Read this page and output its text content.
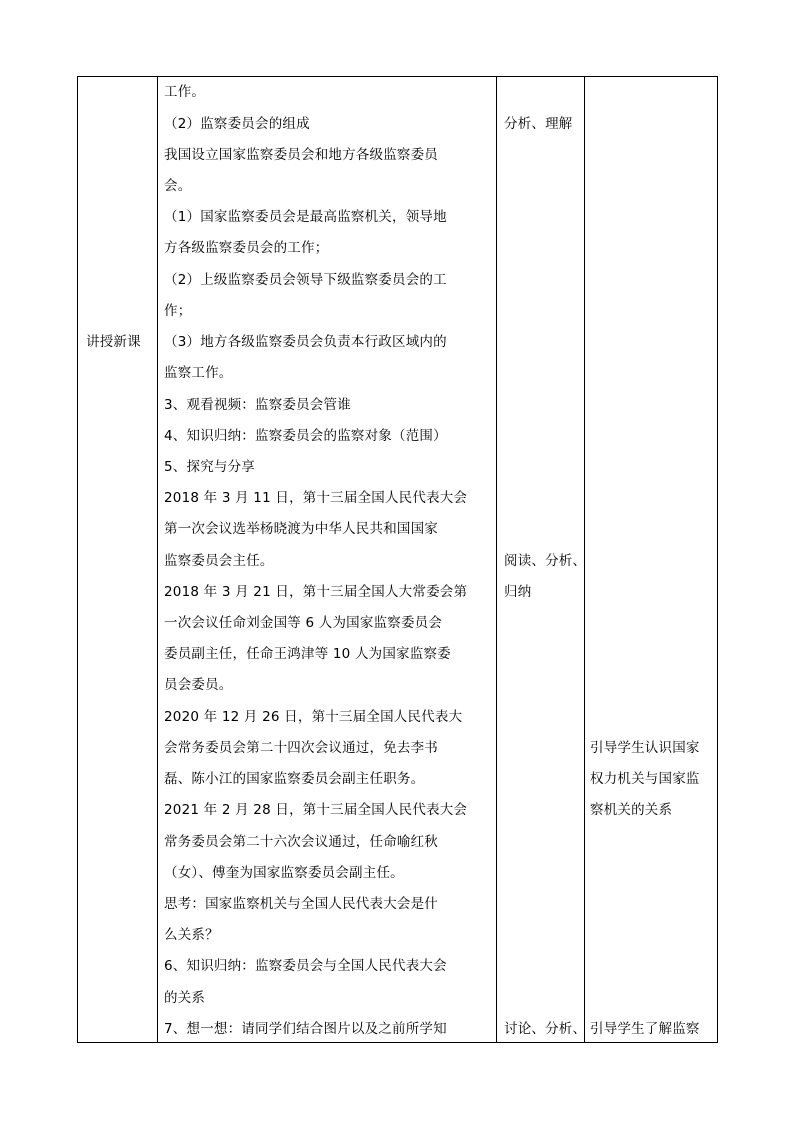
讲授新课
工作。
（2）监察委员会的组成
我国设立国家监察委员会和地方各级监察委员
会。
（1）国家监察委员会是最高监察机关，领导地
方各级监察委员会的工作；
（2）上级监察委员会领导下级监察委员会的工
作；
（3）地方各级监察委员会负责本行政区域内的
监察工作。
3、观看视频：监察委员会管谁
4、知识归纳：监察委员会的监察对象（范围）
5、探究与分享
2018 年 3 月 11 日，第十三届全国人民代表大会
第一次会议选举杨晓渡为中华人民共和国国家
监察委员会主任。
2018 年 3 月 21 日，第十三届全国人大常委会第
一次会议任命刘金国等 6 人为国家监察委员会
委员副主任，任命王鸿津等 10 人为国家监察委
员会委员。
2020 年 12 月 26 日，第十三届全国人民代表大
会常务委员会第二十四次会议通过，免去李书
磊、陈小江的国家监察委员会副主任职务。
2021 年 2 月 28 日，第十三届全国人民代表大会
常务委员会第二十六次会议通过，任命喻红秋
（女）、傅奎为国家监察委员会副主任。
思考：国家监察机关与全国人民代表大会是什
么关系？
6、知识归纳：监察委员会与全国人民代表大会
的关系
7、想一想：请同学们结合图片以及之前所学知
分析、理解
阅读、分析、
归纳
讨论、分析、
引导学生认识国家
权力机关与国家监
察机关的关系
引导学生了解监察
